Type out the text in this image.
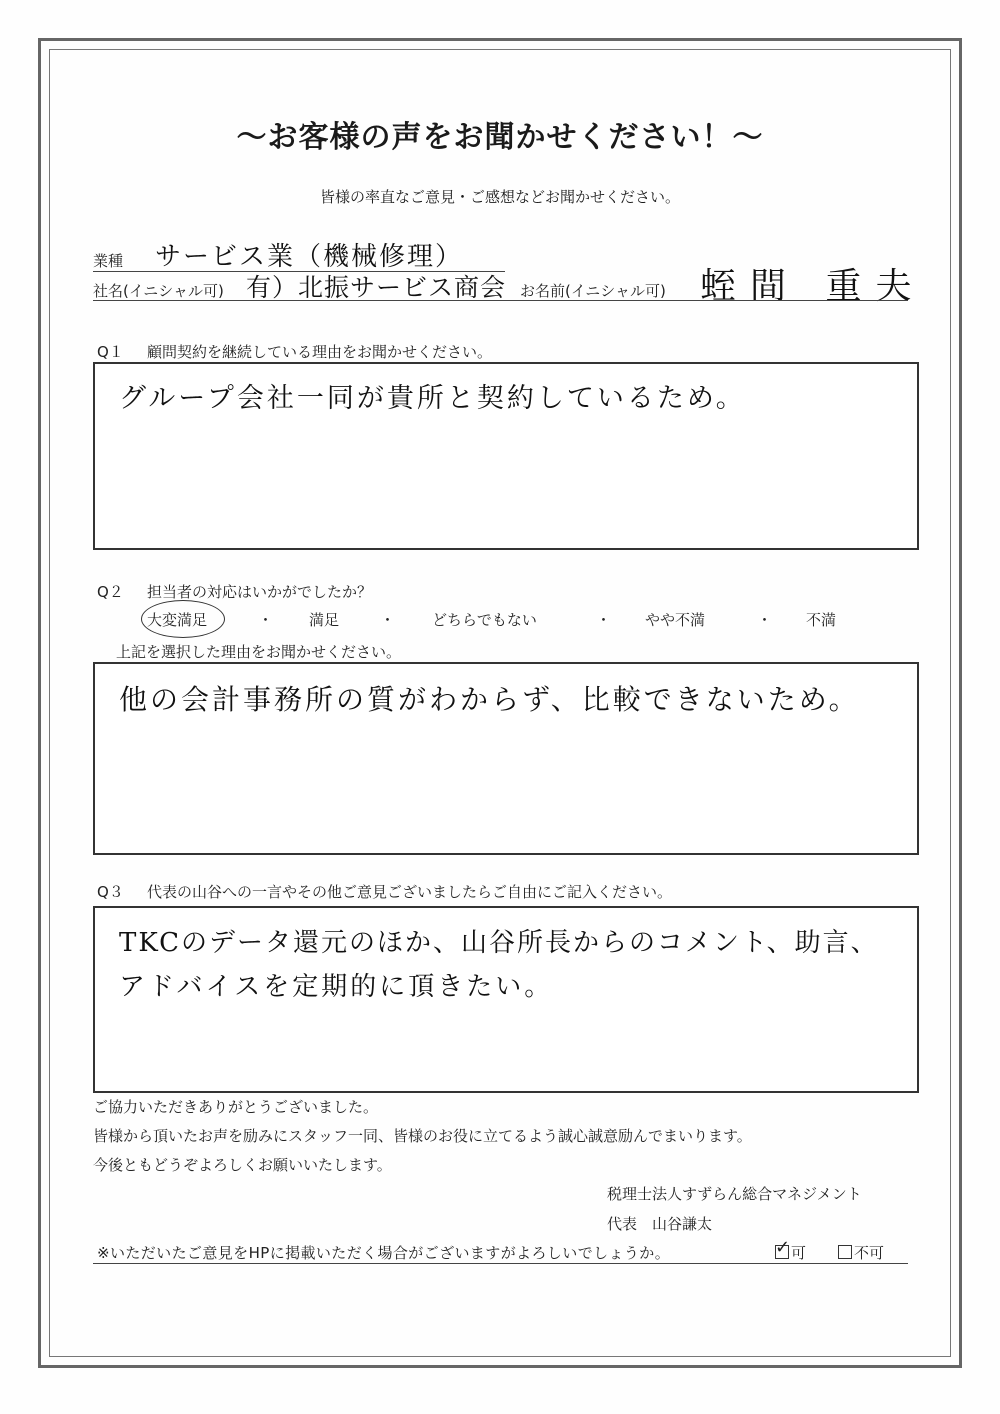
〜お客様の声をお聞かせください！〜
皆様の率直なご意見・ご感想などお聞かせください。
業種 サービス業（機械修理）
社名(イニシャル可) 有）北振サービス商会 お名前(イニシャル可) 蛭間 重夫
Q１ 顧問契約を継続している理由をお聞かせください。
グループ会社一同が貴所と契約しているため。
Q２ 担当者の対応はいかがでしたか？
大変満足	・ 満足	・ どちらでもない	・ やや不満	・ 不満
上記を選択した理由をお聞かせください。
他の会計事務所の質がわからず、比較できないため。
Q３ 代表の山谷への一言やその他ご意見ございましたらご自由にご記入ください。
TKCのデータ還元のほか、山谷所長からのコメント、助言、
アドバイスを定期的に頂きたい。
ご協力いただきありがとうございました。
皆様から頂いたお声を励みにスタッフ一同、皆様のお役に立てるよう誠心誠意励んでまいります。
今後ともどうぞよろしくお願いいたします。
税理士法人すずらん総合マネジメント
代表　山谷謙太
※いただいたご意見をHPに掲載いただく場合がございますがよろしいでしょうか。	✓ 可	不可
